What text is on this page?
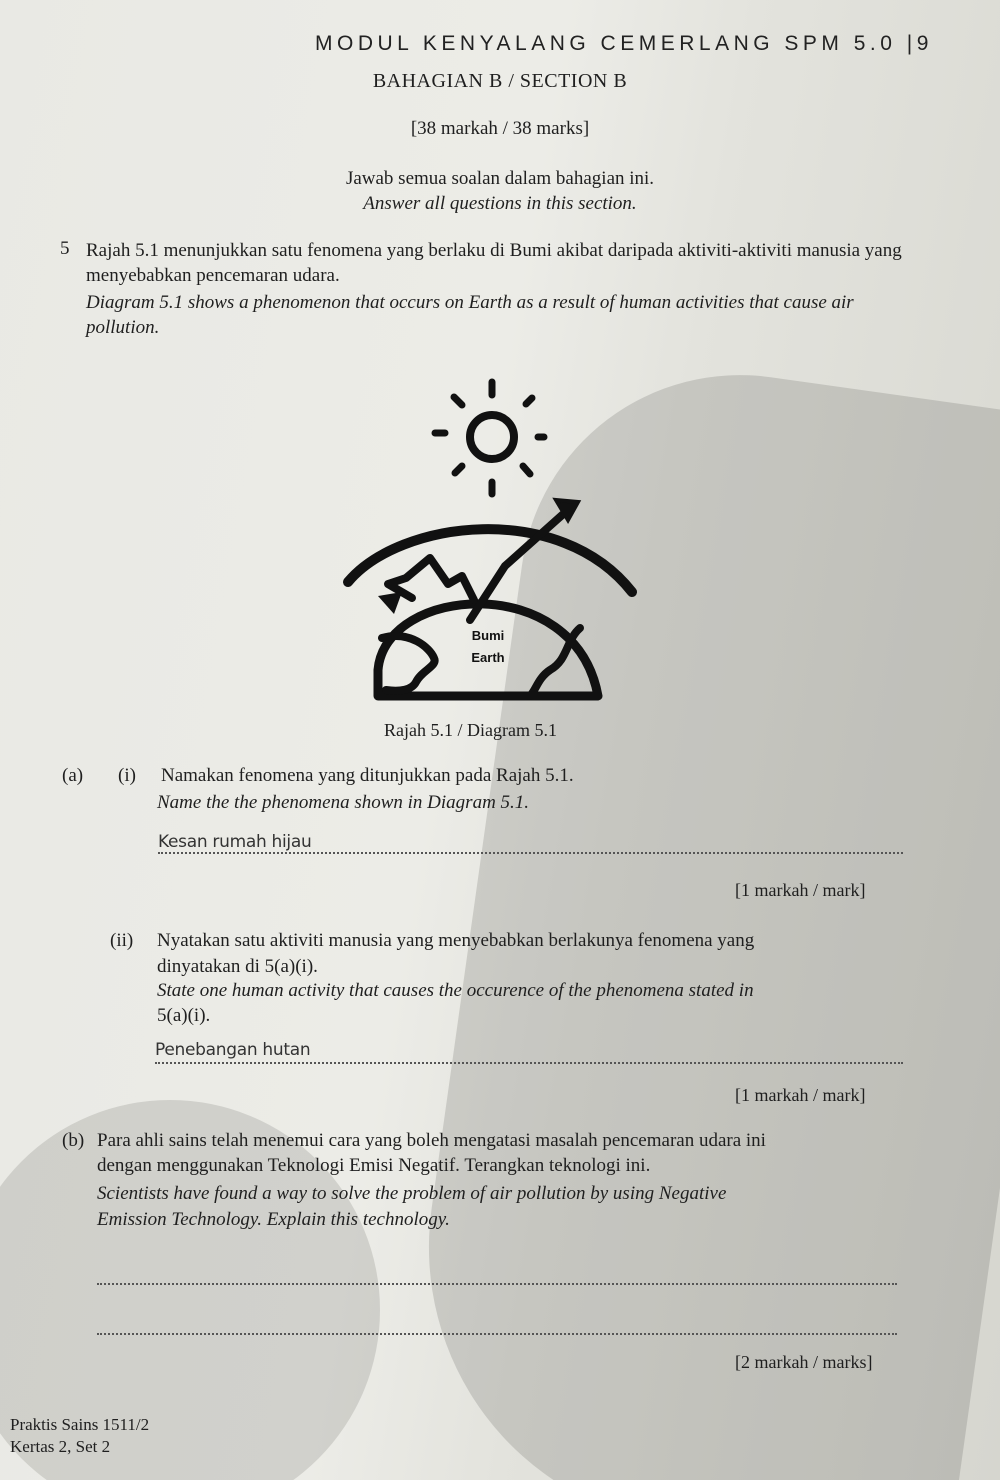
MODUL KENYALANG CEMERLANG SPM 5.0 |9
BAHAGIAN B / SECTION B
[38 markah / 38 marks]
Jawab semua soalan dalam bahagian ini.
Answer all questions in this section.
5 Rajah 5.1 menunjukkan satu fenomena yang berlaku di Bumi akibat daripada aktiviti-aktiviti manusia yang menyebabkan pencemaran udara.
Diagram 5.1 shows a phenomenon that occurs on Earth as a result of human activities that cause air pollution.
Bumi
Earth
Rajah 5.1 / Diagram 5.1
(a) (i) Namakan fenomena yang ditunjukkan pada Rajah 5.1.
Name the the phenomena shown in Diagram 5.1.
Kesan rumah hijau
[1 markah / mark]
(ii) Nyatakan satu aktiviti manusia yang menyebabkan berlakunya fenomena yang
dinyatakan di 5(a)(i).
State one human activity that causes the occurence of the phenomena stated in
5(a)(i).
Penebangan hutan
[1 markah / mark]
(b) Para ahli sains telah menemui cara yang boleh mengatasi masalah pencemaran udara ini
dengan menggunakan Teknologi Emisi Negatif. Terangkan teknologi ini.
Scientists have found a way to solve the problem of air pollution by using Negative
Emission Technology. Explain this technology.
[2 markah / marks]
Praktis Sains 1511/2
Kertas 2, Set 2
